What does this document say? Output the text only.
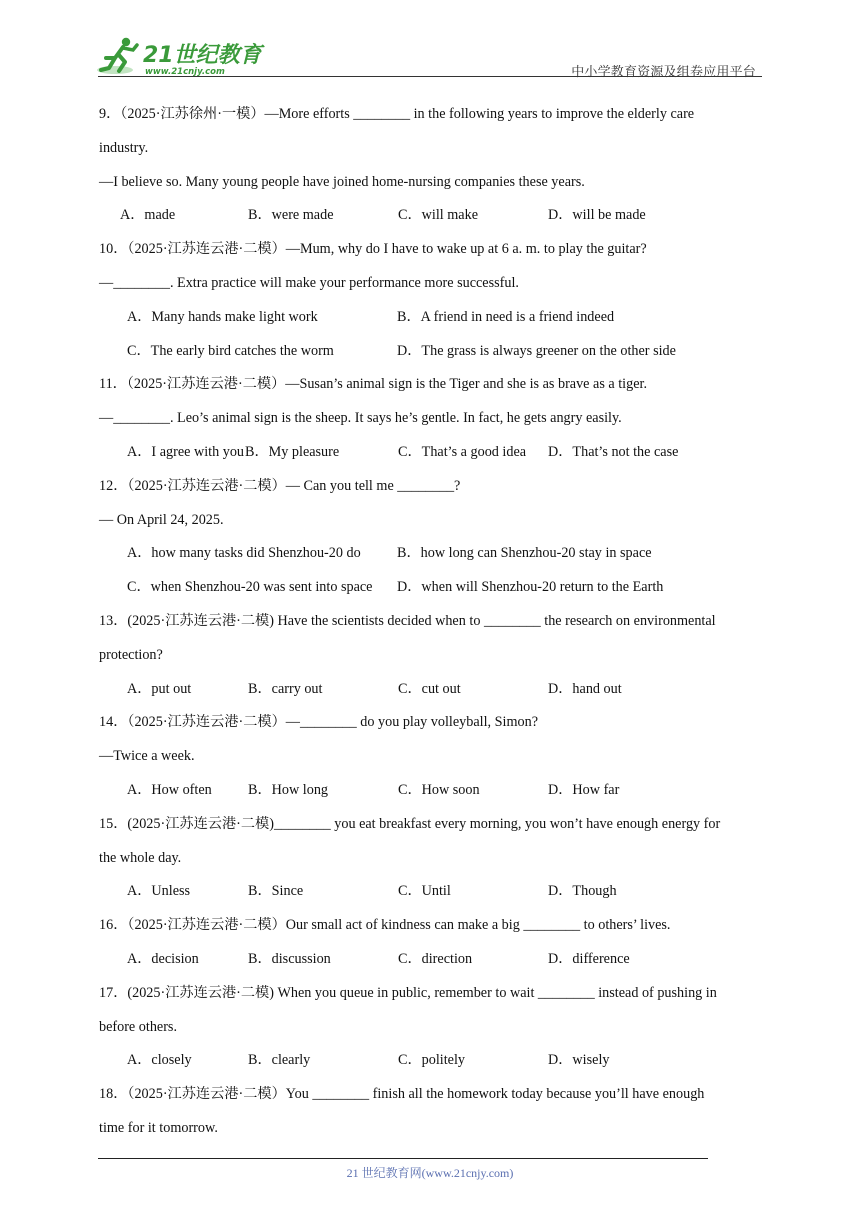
21世纪教育
www.21cnjy.com	中小学教育资源及组卷应用平台
9．（2025·江苏徐州·一模）—More efforts ________ in the following years to improve the elderly care
industry.
—I believe so. Many young people have joined home-nursing companies these years.
A．made	B．were made	C．will make	D．will be made
10．（2025·江苏连云港·二模）—Mum, why do I have to wake up at 6 a. m. to play the guitar?
—________. Extra practice will make your performance more successful.
A．Many hands make light work	B．A friend in need is a friend indeed
C．The early bird catches the worm	D．The grass is always greener on the other side
11．（2025·江苏连云港·二模）—Susan’s animal sign is the Tiger and she is as brave as a tiger.
—________. Leo’s animal sign is the sheep. It says he’s gentle. In fact, he gets angry easily.
A．I agree with you B．My pleasure	C．That’s a good idea D．That’s not the case
12．（2025·江苏连云港·二模）— Can you tell me ________?
— On April 24, 2025.
A．how many tasks did Shenzhou-20 do	B．how long can Shenzhou-20 stay in space
C．when Shenzhou-20 was sent into space D．when will Shenzhou-20 return to the Earth
13．(2025·江苏连云港·二模) Have the scientists decided when to ________ the research on environmental
protection?
A．put out	B．carry out	C．cut out	D．hand out
14．（2025·江苏连云港·二模）—________ do you play volleyball, Simon?
—Twice a week.
A．How often	B．How long	C．How soon	D．How far
15．(2025·江苏连云港·二模)________ you eat breakfast every morning, you won’t have enough energy for
the whole day.
A．Unless	B．Since	C．Until	D．Though
16．（2025·江苏连云港·二模）Our small act of kindness can make a big ________ to others’ lives.
A．decision	B．discussion	C．direction	D．difference
17．(2025·江苏连云港·二模) When you queue in public, remember to wait ________ instead of pushing in
before others.
A．closely	B．clearly	C．politely	D．wisely
18．（2025·江苏连云港·二模）You ________ finish all the homework today because you’ll have enough
time for it tomorrow.
21 世纪教育网(www.21cnjy.com)
